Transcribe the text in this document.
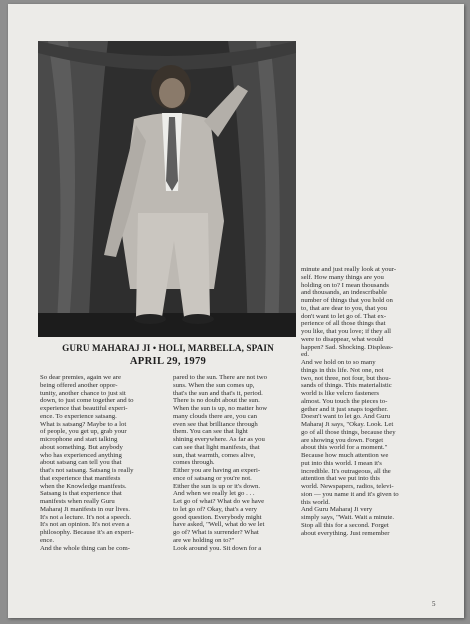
GURU MAHARAJ JI • HOLI, MARBELLA, SPAIN
APRIL 29, 1979
So dear premies, again we are
being offered another oppor-
tunity, another chance to just sit
down, to just come together and to
experience that beautiful experi-
ence. To experience satsang.
What is satsang? Maybe to a lot
of people, you get up, grab your
microphone and start talking
about something. But anybody
who has experienced anything
about satsang can tell you that
that's not satsang. Satsang is really
that experience that manifests
when the Knowledge manifests.
Satsang is that experience that
manifests when really Guru
Maharaj Ji manifests in our lives.
It's not a lecture. It's not a speech.
It's not an opinion. It's not even a
philosophy. Because it's an experi-
ence.
And the whole thing can be com-
pared to the sun. There are not two
suns. When the sun comes up,
that's the sun and that's it, period.
There is no doubt about the sun.
When the sun is up, no matter how
many clouds there are, you can
even see that brilliance through
them. You can see that light
shining everywhere. As far as you
can see that light manifests, that
sun, that warmth, comes alive,
comes through.
Either you are having an experi-
ence of satsang or you're not.
Either the sun is up or it's down.
And when we really let go . . .
Let go of what? What do we have
to let go of? Okay, that's a very
good question. Everybody might
have asked, "Well, what do we let
go of? What is surrender? What
are we holding on to?"
Look around you. Sit down for a
minute and just really look at your-
self. How many things are you
holding on to? I mean thousands
and thousands, an indescribable
number of things that you hold on
to, that are dear to you, that you
don't want to let go of. That ex-
perience of all those things that
you like, that you love; if they all
were to disappear, what would
happen? Sad. Shocking. Displeas-
ed.
And we hold on to so many
things in this life. Not one, not
two, not three, not four, but thou-
sands of things. This materialistic
world is like velcro fasteners
almost. You touch the pieces to-
gether and it just snaps together.
Doesn't want to let go. And Guru
Maharaj Ji says, "Okay. Look. Let
go of all those things, because they
are showing you down. Forget
about this world for a moment."
Because how much attention we
put into this world. I mean it's
incredible. It's outrageous, all the
attention that we put into this
world. Newspapers, radios, televi-
sion — you name it and it's given to
this world.
And Guru Maharaj Ji very
simply says, "Wait. Wait a minute.
Stop all this for a second. Forget
about everything. Just remember
5
